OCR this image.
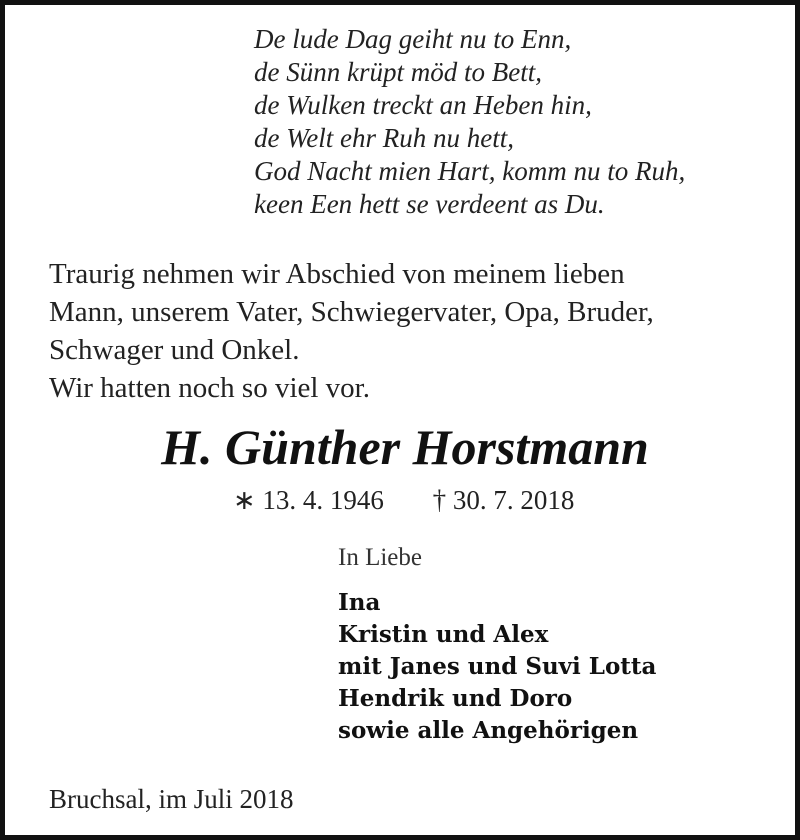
De lude Dag geiht nu to Enn,
de Sünn krüpt möd to Bett,
de Wulken treckt an Heben hin,
de Welt ehr Ruh nu hett,
God Nacht mien Hart, komm nu to Ruh,
keen Een hett se verdeent as Du.
Traurig nehmen wir Abschied von meinem lieben
Mann, unserem Vater, Schwiegervater, Opa, Bruder,
Schwager und Onkel.
Wir hatten noch so viel vor.
H. Günther Horstmann
∗ 13. 4. 1946 † 30. 7. 2018
In Liebe
Ina
Kristin und Alex
mit Janes und Suvi Lotta
Hendrik und Doro
sowie alle Angehörigen
Bruchsal, im Juli 2018
